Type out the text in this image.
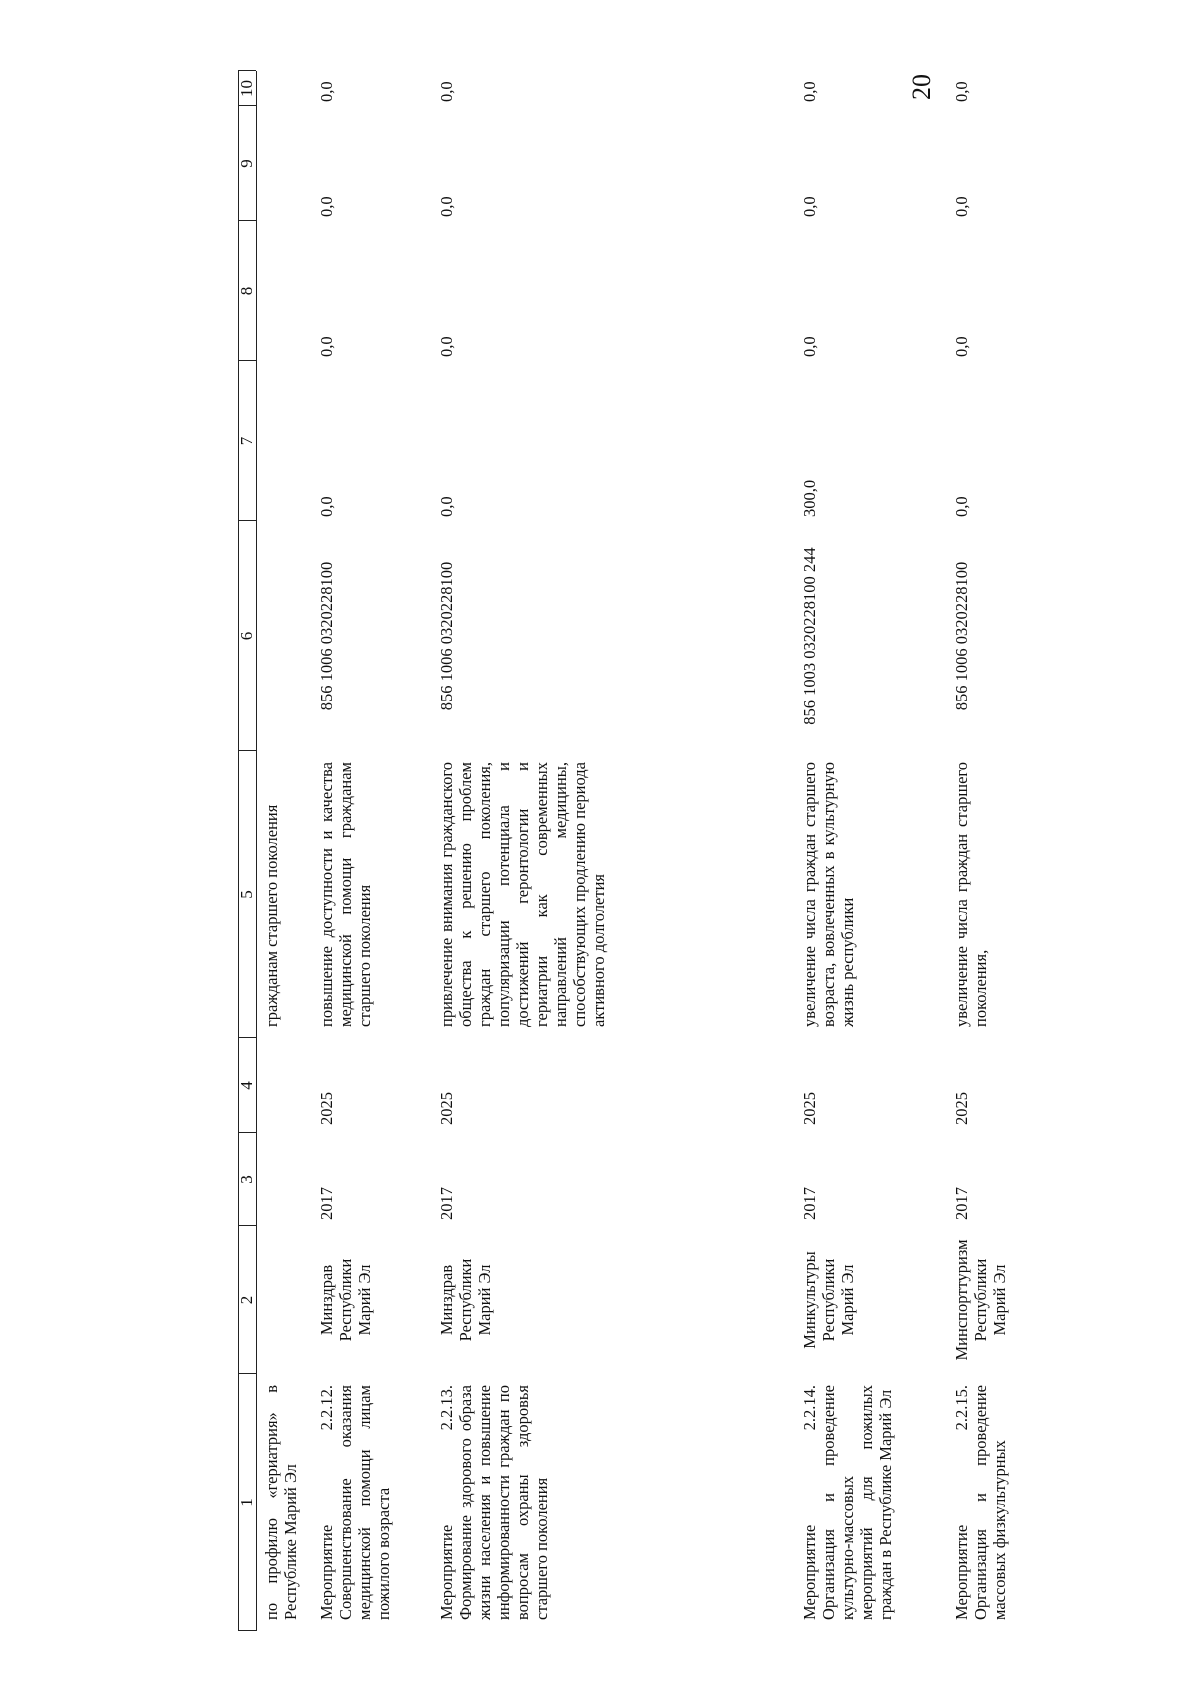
20
1
2
3
4
5
6
7
8
9
10
по профилю «гериатрия» в Республике Марий Эл
гражданам старшего поколения
Мероприятие 2.2.12. Совершенствование оказания медицинской помощи лицам пожилого возраста
Минздрав Республики Марий Эл
2017
2025
повышение доступности и качества медицинской помощи гражданам старшего поколения
856 1006 0320228100
0,0
0,0
0,0
0,0
Мероприятие 2.2.13. Формирование здорового образа жизни населения и повышение информированности граждан по вопросам охраны здоровья старшего поколения
Минздрав Республики Марий Эл
2017
2025
привлечение внимания гражданского общества к решению проблем граждан старшего поколения, популяризации потенциала и достижений геронтологии и гериатрии как современных направлений медицины, способствующих продлению периода активного долголетия
856 1006 0320228100
0,0
0,0
0,0
0,0
Мероприятие 2.2.14. Организация и проведение культурно-массовых мероприятий для пожилых граждан в Республике Марий Эл
Минкультуры Республики Марий Эл
2017
2025
увеличение числа граждан старшего возраста, вовлеченных в культурную жизнь республики
856 1003 0320228100 244
300,0
0,0
0,0
0,0
Мероприятие 2.2.15. Организация и проведение массовых физкультурных
Минспорттуризм Республики Марий Эл
2017
2025
увеличение числа граждан старшего поколения,
856 1006 0320228100
0,0
0,0
0,0
0,0
